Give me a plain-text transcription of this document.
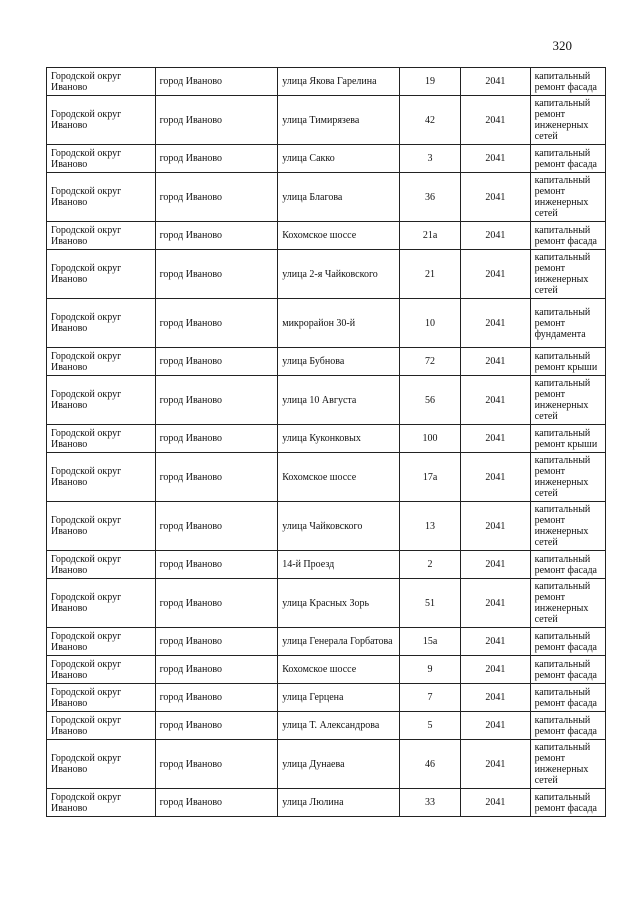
320
Городской округ Иваново	город Иваново	улица Якова Гарелина	19	2041	капитальный ремонт фасада
Городской округ Иваново	город Иваново	улица Тимирязева	42	2041	капитальный ремонт инженерных сетей
Городской округ Иваново	город Иваново	улица Сакко	3	2041	капитальный ремонт фасада
Городской округ Иваново	город Иваново	улица Благова	36	2041	капитальный ремонт инженерных сетей
Городской округ Иваново	город Иваново	Кохомское шоссе	21а	2041	капитальный ремонт фасада
Городской округ Иваново	город Иваново	улица 2-я Чайковского	21	2041	капитальный ремонт инженерных сетей
Городской округ Иваново	город Иваново	микрорайон 30-й	10	2041	капитальный ремонт фундамента
Городской округ Иваново	город Иваново	улица Бубнова	72	2041	капитальный ремонт крыши
Городской округ Иваново	город Иваново	улица 10 Августа	56	2041	капитальный ремонт инженерных сетей
Городской округ Иваново	город Иваново	улица Куконковых	100	2041	капитальный ремонт крыши
Городской округ Иваново	город Иваново	Кохомское шоссе	17а	2041	капитальный ремонт инженерных сетей
Городской округ Иваново	город Иваново	улица Чайковского	13	2041	капитальный ремонт инженерных сетей
Городской округ Иваново	город Иваново	14-й Проезд	2	2041	капитальный ремонт фасада
Городской округ Иваново	город Иваново	улица Красных Зорь	51	2041	капитальный ремонт инженерных сетей
Городской округ Иваново	город Иваново	улица Генерала Горбатова	15а	2041	капитальный ремонт фасада
Городской округ Иваново	город Иваново	Кохомское шоссе	9	2041	капитальный ремонт фасада
Городской округ Иваново	город Иваново	улица Герцена	7	2041	капитальный ремонт фасада
Городской округ Иваново	город Иваново	улица Т. Александрова	5	2041	капитальный ремонт фасада
Городской округ Иваново	город Иваново	улица Дунаева	46	2041	капитальный ремонт инженерных сетей
Городской округ Иваново	город Иваново	улица Люлина	33	2041	капитальный ремонт фасада
